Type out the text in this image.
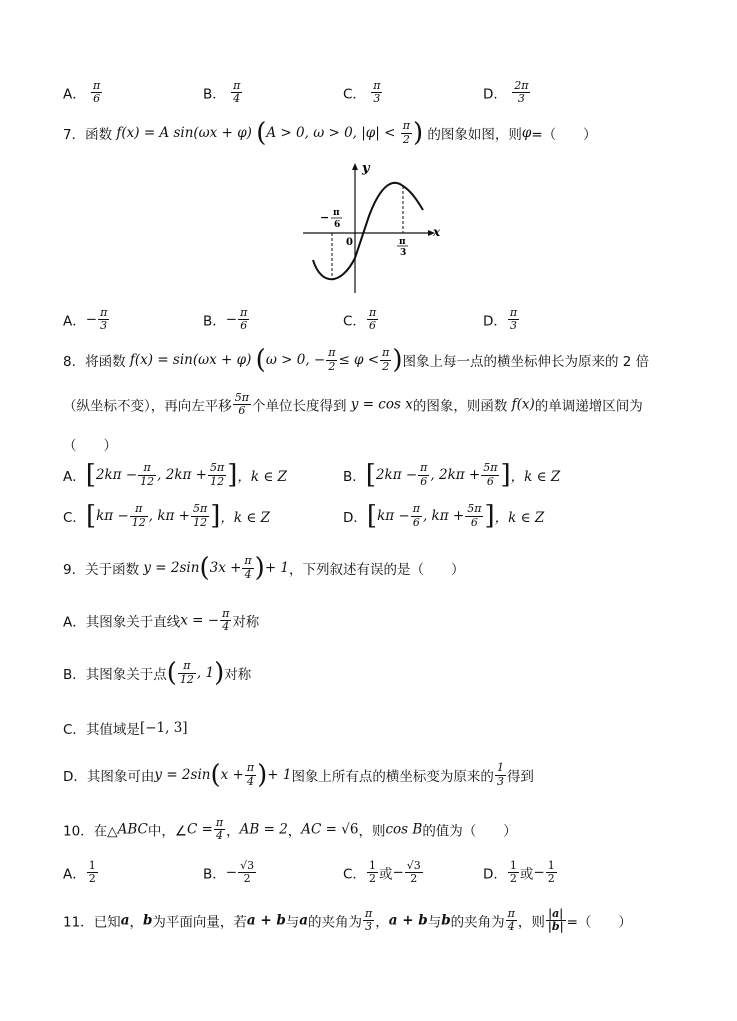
A． $\frac{\pi}{6}$	B． $\frac{\pi}{4}$	C． $\frac{\pi}{3}$	D． $\frac{2\pi}{3}$
7．函数 f(x) = A sin(ωx + φ) (A > 0, ω > 0, $|\varphi| < \frac{\pi}{2}$ ) 的图象如图，则φ=（　　）
y
x
0
− π
6
π
3
A．− $\frac{\pi}{3}$	B．− $\frac{\pi}{6}$	C． $\frac{\pi}{6}$	D． $\frac{\pi}{3}$
8．将函数 f(x) = sin(ωx + φ) (ω > 0, − $\frac{\pi}{2} \le \varphi < \frac{\pi}{2}$ )图象上每一点的横坐标伸长为原来的 2 倍
（纵坐标不变），再向左平移 $\frac{5\pi}{6}$ 个单位长度得到 y = cos x的图象，则函数 f(x)的单调递增区间为
（　　）
A．[$2k\pi - \frac{\pi}{12}$ , $2k\pi + \frac{5\pi}{12}$ ]，k ∈ Z	B．[$2k\pi - \frac{\pi}{6}$ , $2k\pi + \frac{5\pi}{6}$ ]，k ∈ Z
C．[$k\pi - \frac{\pi}{12}$ , $k\pi + \frac{5\pi}{12}$ ]，k ∈ Z	D．[$k\pi - \frac{\pi}{6}$ , $k\pi + \frac{5\pi}{6}$ ]，k ∈ Z
9．关于函数 $y = 2\sin(3x + \frac{\pi}{4}$ )+ 1，下列叙述有误的是（　　）
A．其图象关于直线x = − $\frac{\pi}{4}$ 对称
B．其图象关于点( $\frac{\pi}{12}$ , 1)对称
C．其值域是[−1, 3]
D．其图象可由$y = 2\sin(x + \frac{\pi}{4}$ )+ 1图象上所有点的横坐标变为原来的 $\frac{1}{3}$ 得到
10．在△ABC中，∠C = $\frac{\pi}{4}$ ，AB = 2，AC = √6，则cos B的值为（　　）
A． $\frac{1}{2}$	B．− $\frac{√3}{2}$	C． $\frac{1}{2}$ 或− $\frac{√3}{2}$	D． $\frac{1}{2}$ 或− $\frac{1}{2}$
11．已知a，b为平面向量，若a + b与a的夹角为 $\frac{\pi}{3}$ ，a + b与b的夹角为 $\frac{\pi}{4}$ ，则 $\frac{|a|}{|b|}$ =（　　）
